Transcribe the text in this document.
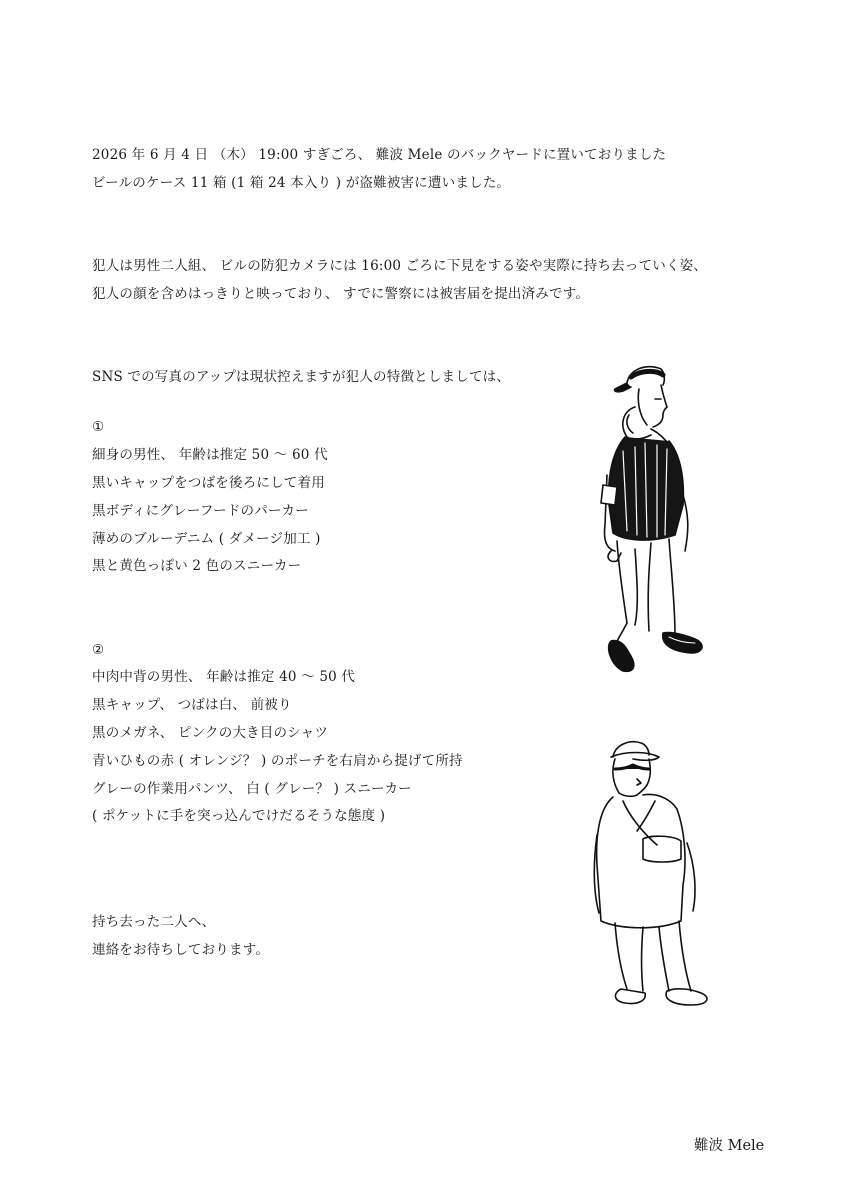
2026 年 6 月 4 日 （木） 19:00 すぎごろ、 難波 Mele のバックヤードに置いておりました
ビールのケース 11 箱 (1 箱 24 本入り ) が盗難被害に遭いました。
犯人は男性二人組、 ビルの防犯カメラには 16:00 ごろに下見をする姿や実際に持ち去っていく姿、
犯人の顔を含めはっきりと映っており、 すでに警察には被害届を提出済みです。
SNS での写真のアップは現状控えますが犯人の特徴としましては、
①
細身の男性、 年齢は推定 50 〜 60 代
黒いキャップをつばを後ろにして着用
黒ボディにグレーフードのパーカー
薄めのブルーデニム ( ダメージ加工 )
黒と黄色っぽい 2 色のスニーカー
②
中肉中背の男性、 年齢は推定 40 〜 50 代
黒キャップ、 つばは白、 前被り
黒のメガネ、 ピンクの大き目のシャツ
青いひもの赤 ( オレンジ？ ) のポーチを右肩から提げて所持
グレーの作業用パンツ、 白 ( グレー？ ) スニーカー
( ポケットに手を突っ込んでけだるそうな態度 )
持ち去った二人へ、
連絡をお待ちしております。
難波 Mele
